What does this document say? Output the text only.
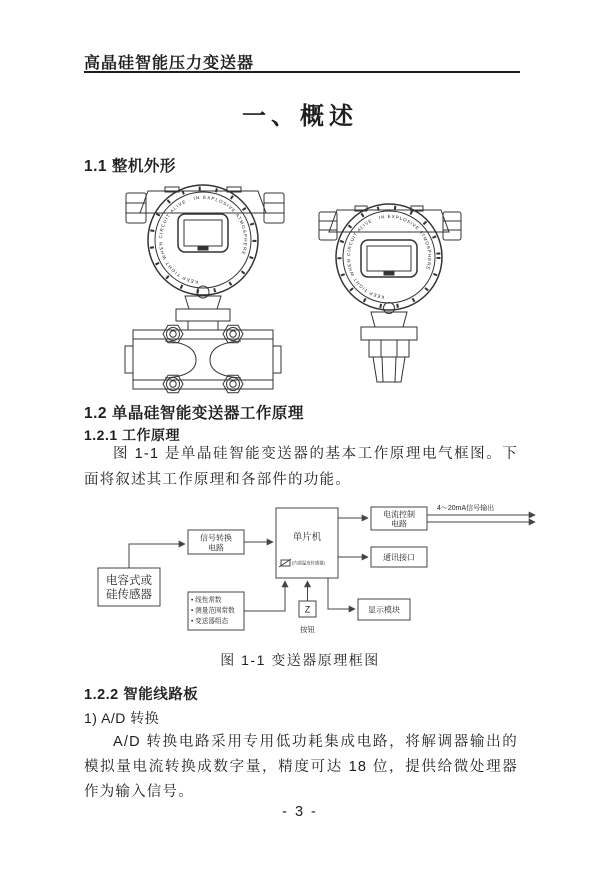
高晶硅智能压力变送器
一、概述
1.1 整机外形
· KEEP TIGHT WHEN CIRCUIT ALIVE · IN EXPLOSIVE ATMOSPHERE
· KEEP TIGHT WHEN CIRCUIT ALIVE · IN EXPLOSIVE ATMOSPHERE
1.2 单晶硅智能变送器工作原理
1.2.1 工作原理
图 1-1 是单晶硅智能变送器的基本工作原理电气框图。下面将叙述其工作原理和各部件的功能。
电容式或
硅传感器
信号转换
电路
单片机
(内部温度传感器)
电流控制
电路
4～20mA信号输出
通讯接口
显示模块
• 线性常数
• 测量范围常数
• 变送器组态
Z
按钮
图 1-1 变送器原理框图
1.2.2 智能线路板
1) A/D 转换
A/D 转换电路采用专用低功耗集成电路，将解调器输出的模拟量电流转换成数字量，精度可达 18 位，提供给微处理器作为输入信号。
- 3 -
